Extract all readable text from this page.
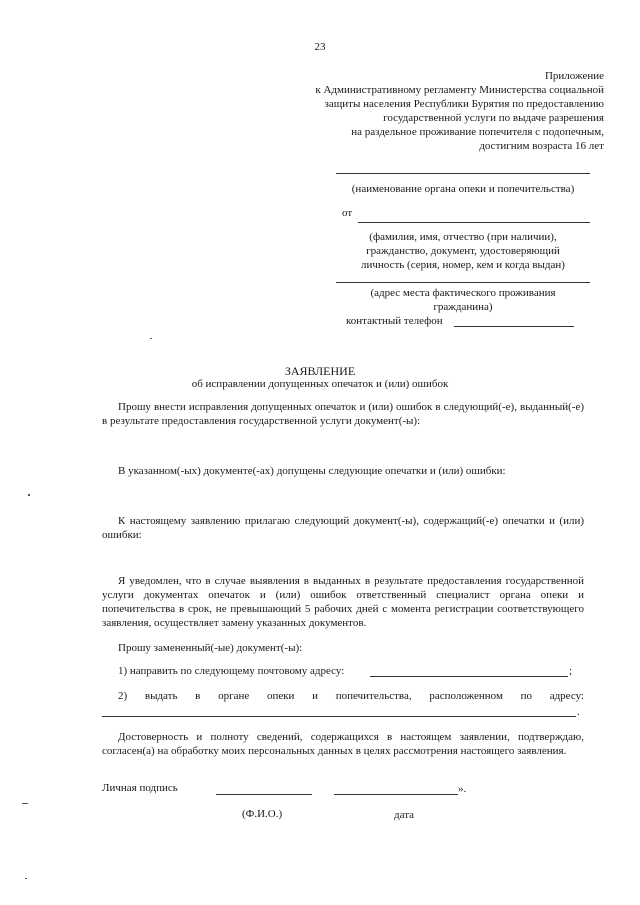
23
Приложение
к Административному регламенту Министерства социальной
защиты населения Республики Бурятия по предоставлению
государственной услуги по выдаче разрешения
на раздельное проживание попечителя с подопечным,
достигним возраста 16 лет
(наименование органа опеки и попечительства)
от
(фамилия, имя, отчество (при наличии),
гражданство, документ, удостоверяющий
личность (серия, номер, кем и когда выдан)
(адрес места фактического проживания
гражданина)
контактный телефон
ЗАЯВЛЕНИЕ
об исправлении допущенных опечаток и (или) ошибок
Прошу внести исправления допущенных опечаток и (или) ошибок в следующий(-е), выданный(-е) в результате предоставления государственной услуги документ(-ы):
В указанном(-ых) документе(-ах) допущены следующие опечатки и (или) ошибки:
К настоящему заявлению прилагаю следующий документ(-ы), содержащий(-е) опечатки и (или) ошибки:
Я уведомлен, что в случае выявления в выданных в результате предоставления государственной услуги документах опечаток и (или) ошибок ответственный специалист органа опеки и попечительства в срок, не превышающий 5 рабочих дней с момента регистрации соответствующего заявления, осуществляет замену указанных документов.
Прошу замененный(-ые) документ(-ы):
1) направить по следующему почтовому адресу:	;
2) выдать в органе опеки и попечительства, расположенном по адресу:
.
Достоверность и полноту сведений, содержащихся в настоящем заявлении, подтверждаю, согласен(а) на обработку моих персональных данных в целях рассмотрения настоящего заявления.
Личная подпись	».
(Ф.И.О.)	дата
